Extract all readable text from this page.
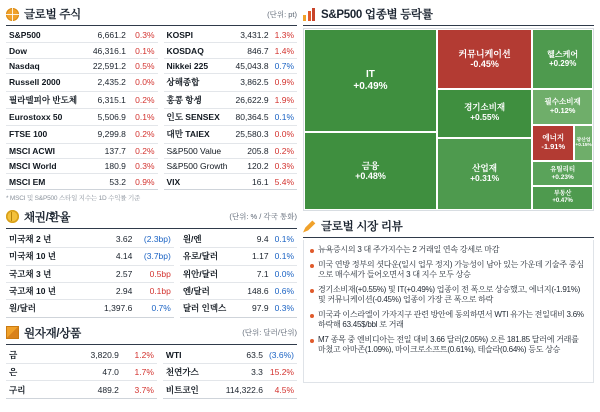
글로벌 주식	(단위: pt)
S&P500	6,661.2	0.3%		KOSPI	3,431.2	1.3%
Dow	46,316.1	0.1%		KOSDAQ	846.7	1.4%
Nasdaq	22,591.2	0.5%		Nikkei 225	45,043.8	0.7%
Russell 2000	2,435.2	0.0%		상해종합	3,862.5	0.9%
필라델피아 반도체	6,315.1	0.2%		홍콩 항셍	26,622.9	1.9%
Eurostoxx 50	5,506.9	0.1%		인도 SENSEX	80,364.5	0.1%
FTSE 100	9,299.8	0.2%		대만 TAIEX	25,580.3	0.0%
MSCI ACWI	137.7	0.2%		S&P500 Value	205.8	0.2%
MSCI World	180.9	0.3%		S&P500 Growth	120.2	0.3%
MSCI EM	53.2	0.9%		VIX	16.1	5.4%
* MSCI 및 S&P500 스타일 지수는 1D 수익률 기준
채권/환율	(단위: % / 각국 통화)
미국채 2 년	3.62	(2.3bp)		원/엔	9.4	0.1%
미국채 10 년	4.14	(3.7bp)		유로/달러	1.17	0.1%
국고채 3 년	2.57	0.5bp		위안/달러	7.1	0.0%
국고채 10 년	2.94	0.1bp		엔/달러	148.6	0.6%
원/달러	1,397.6	0.7%		달러 인덱스	97.9	0.3%
원자재/상품	(단위: 달러/단위)
금	3,820.9	1.2%		WTI	63.5	(3.6%)
은	47.0	1.7%		천연가스	3.3	15.2%
구리	489.2	3.7%		비트코인	114,322.6	4.5%
S&P500 업종별 등락률
IT
+0.49%
커뮤니케이션
-0.45%
헬스케어
+0.29%
경기소비재
+0.55%
필수소비재
+0.12%
에너지
-1.91%
광산업
+0.15%
금융
+0.48%
산업재
+0.31%
유틸리티
+0.23%
부동산
+0.47%
글로벌 시장 리뷰
뉴욕증시의 3 대 주가지수는 2 거래일 연속 강세로 마감
미국 연방 정부의 셧다운(일시 업무 정지) 가능성이 남아 있는 가운데 기술주 중심으로 매수세가 들어오면서 3 대 지수 모두 상승
경기소비재(+0.55%) 및 IT(+0.49%) 업종이 전 폭으로 상승했고, 에너지(-1.91%) 및 커뮤니케이션(-0.45%) 업종이 가장 큰 폭으로 하락
미국과 이스라엘이 가자지구 관련 방안에 동의하면서 WTI 유가는 전일대비 3.6% 하락해 63.45$/bbl 로 거래
M7 종목 중 엔비디아는 전일 대비 3.66 달러(2.05%) 오른 181.85 달러에 거래를 마쳤고 아마존(1.09%), 마이크로소프트(0.61%), 테슬라(0.64%) 등도 상승
